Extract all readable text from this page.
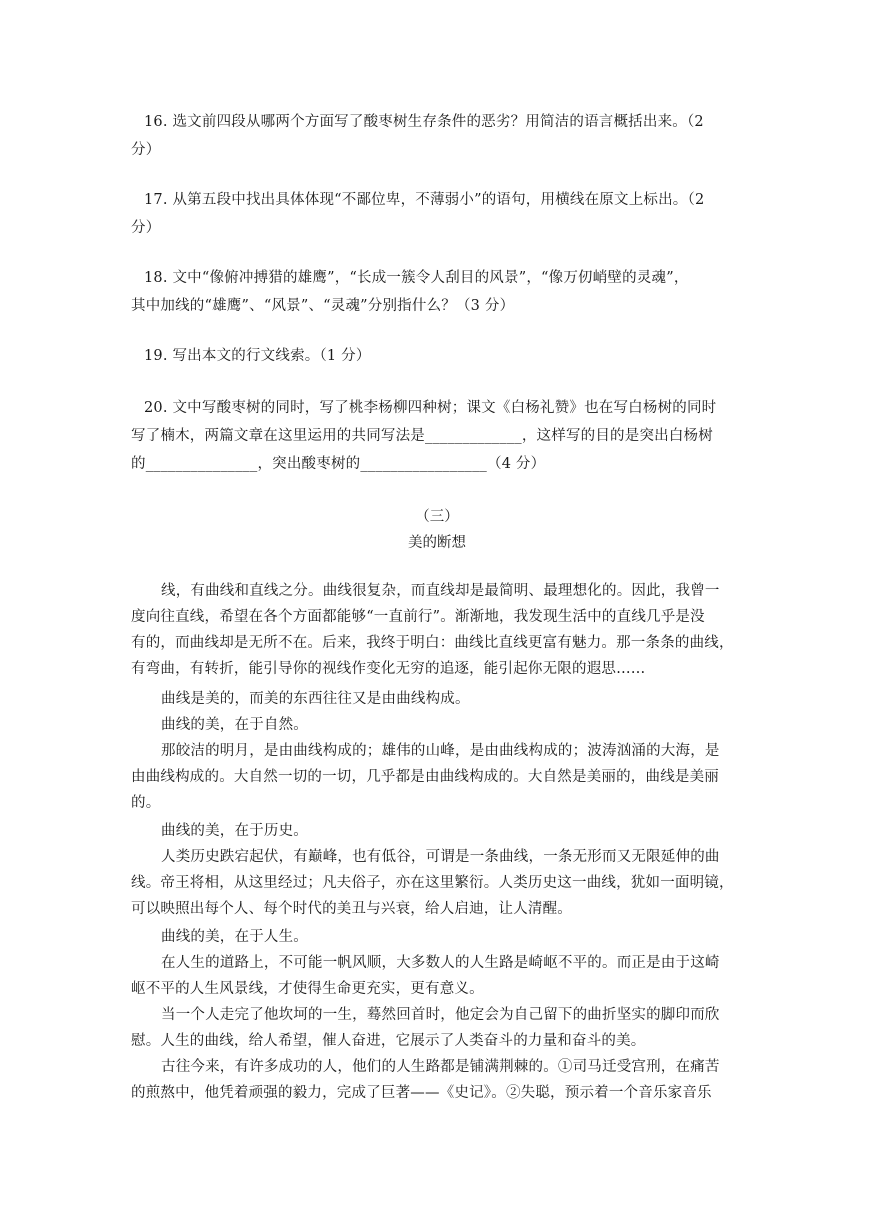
16. 选文前四段从哪两个方面写了酸枣树生存条件的恶劣？用简洁的语言概括出来。（2
分）
17. 从第五段中找出具体体现“不鄙位卑，不薄弱小”的语句，用横线在原文上标出。（2
分）
18. 文中“像俯冲搏猎的雄鹰”，“长成一簇令人刮目的风景”，“像万仞峭壁的灵魂”，
其中加线的“雄鹰”、“风景”、“灵魂”分别指什么？（3 分）
19. 写出本文的行文线索。（1 分）
20. 文中写酸枣树的同时，写了桃李杨柳四种树；课文《白杨礼赞》也在写白杨树的同时
写了楠木，两篇文章在这里运用的共同写法是_____________，这样写的目的是突出白杨树
的_______________，突出酸枣树的_________________（4 分）
（三）
美的断想
线，有曲线和直线之分。曲线很复杂，而直线却是最简明、最理想化的。因此，我曾一
度向往直线，希望在各个方面都能够“一直前行”。渐渐地，我发现生活中的直线几乎是没
有的，而曲线却是无所不在。后来，我终于明白：曲线比直线更富有魅力。那一条条的曲线，
有弯曲，有转折，能引导你的视线作变化无穷的追逐，能引起你无限的遐思……
曲线是美的，而美的东西往往又是由曲线构成。
曲线的美，在于自然。
那皎洁的明月，是由曲线构成的；雄伟的山峰，是由曲线构成的；波涛汹涌的大海，是
由曲线构成的。大自然一切的一切，几乎都是由曲线构成的。大自然是美丽的，曲线是美丽
的。
曲线的美，在于历史。
人类历史跌宕起伏，有巅峰，也有低谷，可谓是一条曲线，一条无形而又无限延伸的曲
线。帝王将相，从这里经过；凡夫俗子，亦在这里繁衍。人类历史这一曲线，犹如一面明镜，
可以映照出每个人、每个时代的美丑与兴衰，给人启迪，让人清醒。
曲线的美，在于人生。
在人生的道路上，不可能一帆风顺，大多数人的人生路是崎岖不平的。而正是由于这崎
岖不平的人生风景线，才使得生命更充实，更有意义。
当一个人走完了他坎坷的一生，蓦然回首时，他定会为自己留下的曲折坚实的脚印而欣
慰。人生的曲线，给人希望，催人奋进，它展示了人类奋斗的力量和奋斗的美。
古往今来，有许多成功的人，他们的人生路都是铺满荆棘的。①司马迁受宫刑，在痛苦
的煎熬中，他凭着顽强的毅力，完成了巨著——《史记》。②失聪，预示着一个音乐家音乐
